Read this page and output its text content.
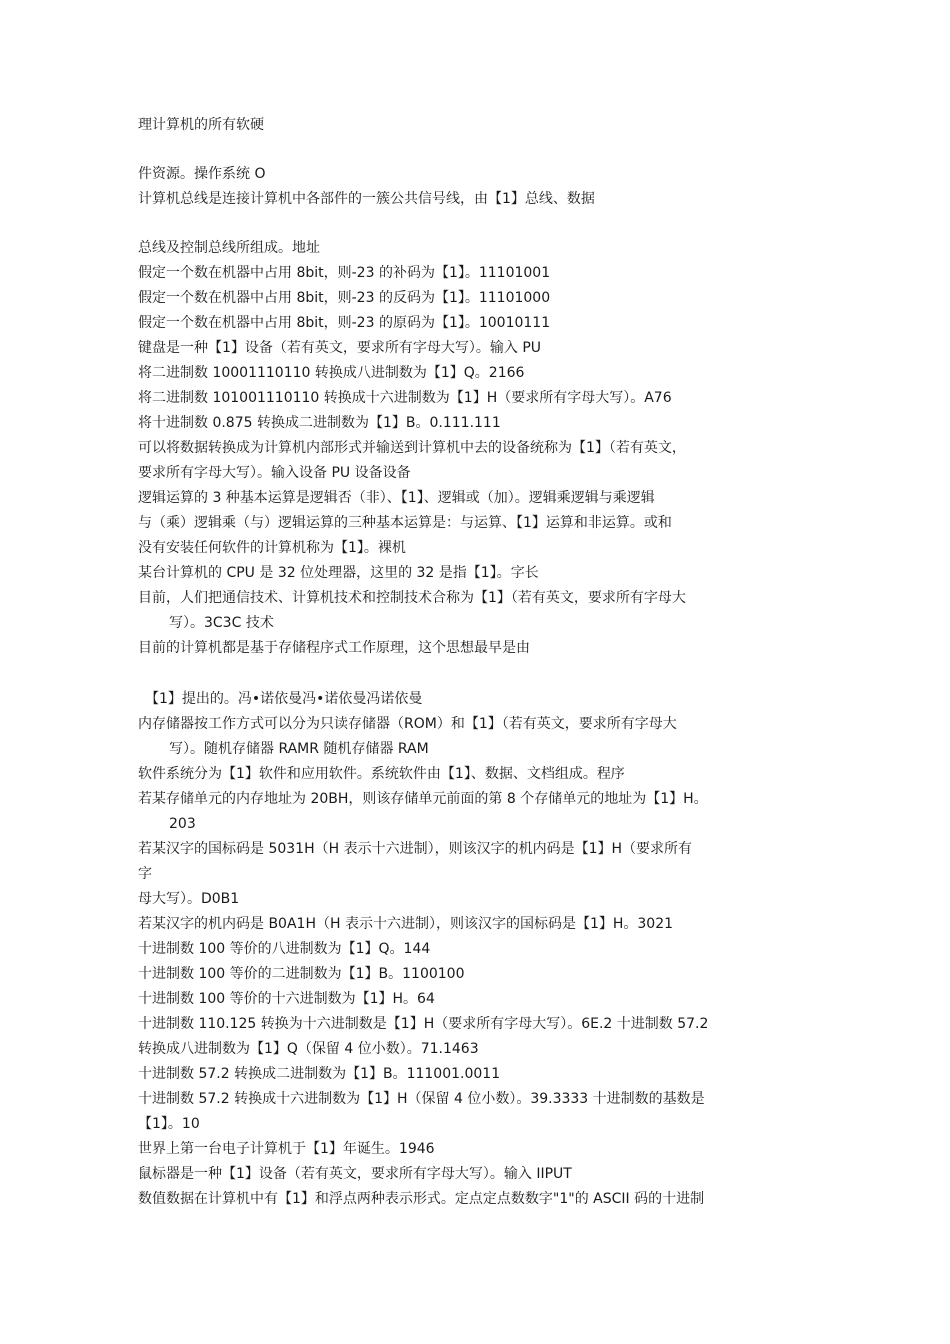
理计算机的所有软硬
件资源。操作系统 O
计算机总线是连接计算机中各部件的一簇公共信号线，由【1】总线、数据
总线及控制总线所组成。地址
假定一个数在机器中占用 8bit，则-23 的补码为【1】。11101001
假定一个数在机器中占用 8bit，则-23 的反码为【1】。11101000
假定一个数在机器中占用 8bit，则-23 的原码为【1】。10010111
键盘是一种【1】设备（若有英文，要求所有字母大写）。输入 PU
将二进制数 10001110110 转换成八进制数为【1】Q。2166
将二进制数 101001110110 转换成十六进制数为【1】H（要求所有字母大写）。A76
将十进制数 0.875 转换成二进制数为【1】B。0.111.111
可以将数据转换成为计算机内部形式并输送到计算机中去的设备统称为【1】（若有英文，
要求所有字母大写）。输入设备 PU 设备设备
逻辑运算的 3 种基本运算是逻辑否（非）、【1】、逻辑或（加）。逻辑乘逻辑与乘逻辑
与（乘）逻辑乘（与）逻辑运算的三种基本运算是：与运算、【1】运算和非运算。或和
没有安装任何软件的计算机称为【1】。裸机
某台计算机的 CPU 是 32 位处理器，这里的 32 是指【1】。字长
目前，人们把通信技术、计算机技术和控制技术合称为【1】（若有英文，要求所有字母大
写）。3C3C 技术
目前的计算机都是基于存储程序式工作原理，这个思想最早是由
【1】提出的。冯•诺依曼冯•诺依曼冯诺依曼
内存储器按工作方式可以分为只读存储器（ROM）和【1】（若有英文，要求所有字母大
写）。随机存储器 RAMR 随机存储器 RAM
软件系统分为【1】软件和应用软件。系统软件由【1】、数据、文档组成。程序
若某存储单元的内存地址为 20BH，则该存储单元前面的第 8 个存储单元的地址为【1】H。
203
若某汉字的国标码是 5031H（H 表示十六进制），则该汉字的机内码是【1】H（要求所有
字
母大写）。D0B1
若某汉字的机内码是 B0A1H（H 表示十六进制），则该汉字的国标码是【1】H。3021
十进制数 100 等价的八进制数为【1】Q。144
十进制数 100 等价的二进制数为【1】B。1100100
十进制数 100 等价的十六进制数为【1】H。64
十进制数 110.125 转换为十六进制数是【1】H（要求所有字母大写）。6E.2 十进制数 57.2
转换成八进制数为【1】Q（保留 4 位小数）。71.1463
十进制数 57.2 转换成二进制数为【1】B。111001.0011
十进制数 57.2 转换成十六进制数为【1】H（保留 4 位小数）。39.3333 十进制数的基数是
【1】。10
世界上第一台电子计算机于【1】年诞生。1946
鼠标器是一种【1】设备（若有英文，要求所有字母大写）。输入 IIPUT
数值数据在计算机中有【1】和浮点两种表示形式。定点定点数数字"1"的 ASCII 码的十进制
